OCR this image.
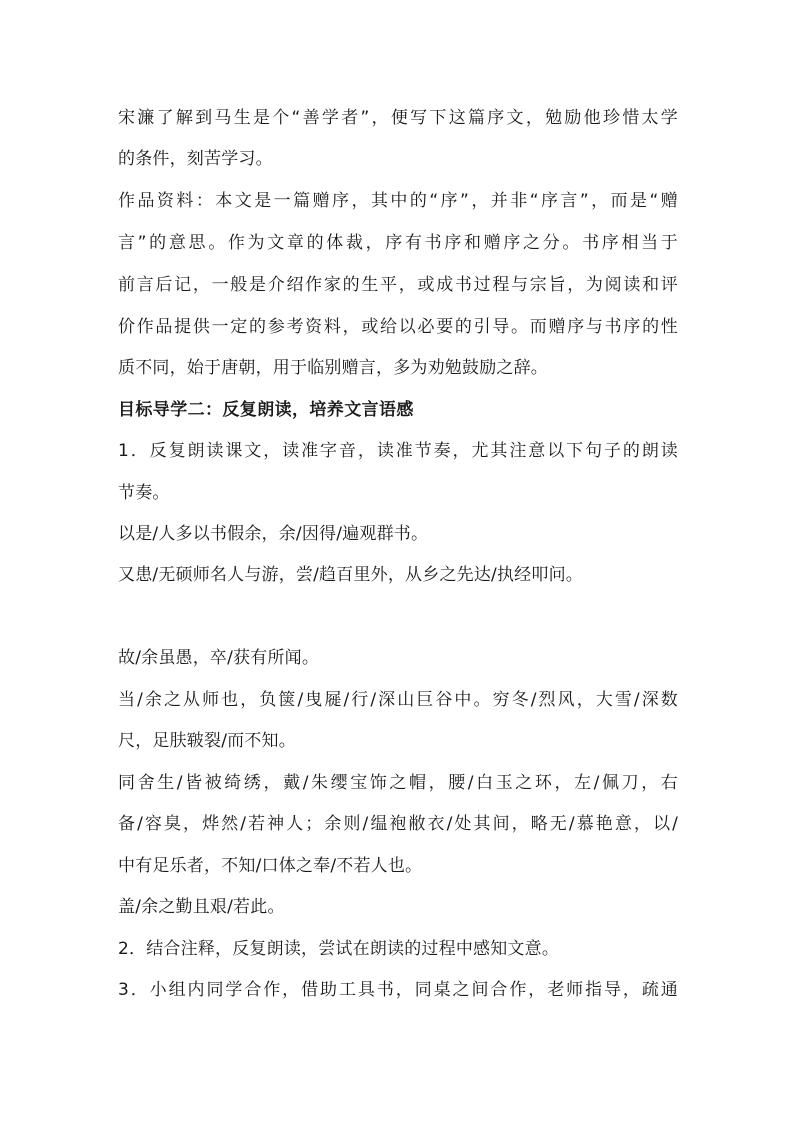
宋濂了解到马生是个“善学者”，便写下这篇序文，勉励他珍惜太学
的条件，刻苦学习。
作品资料：本文是一篇赠序，其中的“序”，并非“序言”，而是“赠
言”的意思。作为文章的体裁，序有书序和赠序之分。书序相当于
前言后记，一般是介绍作家的生平，或成书过程与宗旨，为阅读和评
价作品提供一定的参考资料，或给以必要的引导。而赠序与书序的性
质不同，始于唐朝，用于临别赠言，多为劝勉鼓励之辞。
目标导学二：反复朗读，培养文言语感
1．反复朗读课文，读准字音，读准节奏，尤其注意以下句子的朗读
节奏。
以是/人多以书假余，余/因得/遍观群书。
又患/无硕师名人与游，尝/趋百里外，从乡之先达/执经叩问。
故/余虽愚，卒/获有所闻。
当/余之从师也，负箧/曳屣/行/深山巨谷中。穷冬/烈风，大雪/深数
尺，足肤皲裂/而不知。
同舍生/皆被绮绣，戴/朱缨宝饰之帽，腰/白玉之环，左/佩刀，右
备/容臭，烨然/若神人；余则/缊袍敝衣/处其间，略无/慕艳意，以/
中有足乐者，不知/口体之奉/不若人也。
盖/余之勤且艰/若此。
2．结合注释，反复朗读，尝试在朗读的过程中感知文意。
3．小组内同学合作，借助工具书，同桌之间合作，老师指导，疏通
